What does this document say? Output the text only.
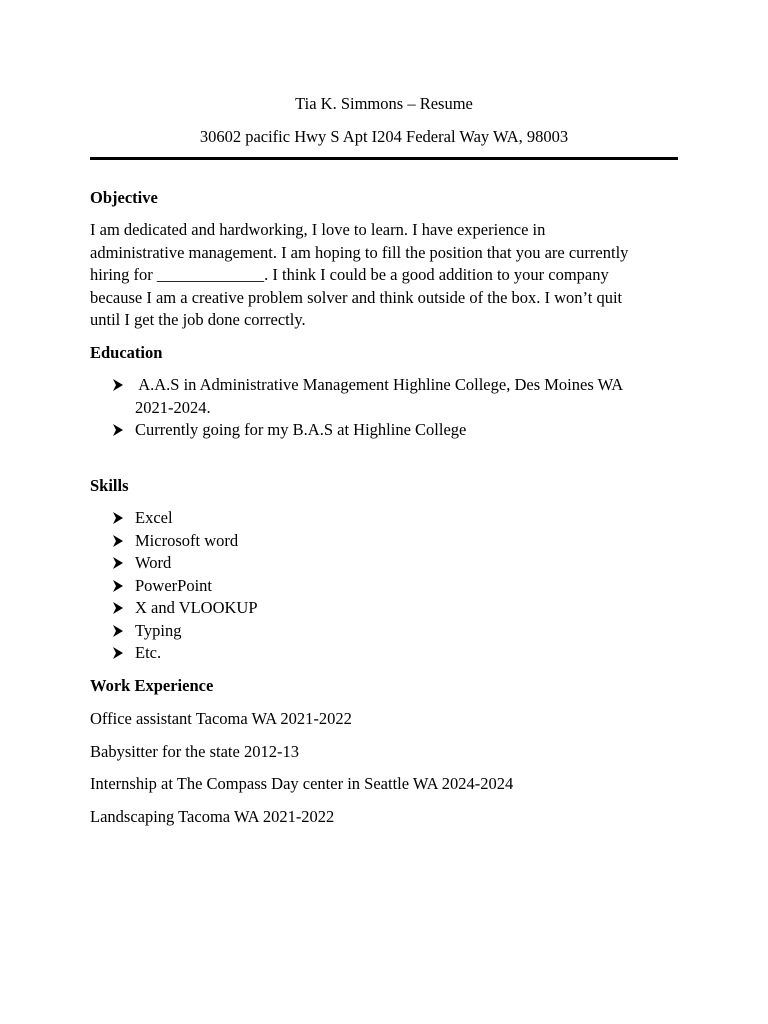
Tia K. Simmons – Resume
30602 pacific Hwy S Apt I204 Federal Way WA, 98003
Objective
I am dedicated and hardworking, I love to learn. I have experience in
administrative management. I am hoping to fill the position that you are currently
hiring for _____________. I think I could be a good addition to your company
because I am a creative problem solver and think outside of the box. I won’t quit
until I get the job done correctly.
Education
A.A.S in Administrative Management Highline College, Des Moines WA
2021-2024.
Currently going for my B.A.S at Highline College
Skills
Excel
Microsoft word
Word
PowerPoint
X and VLOOKUP
Typing
Etc.
Work Experience
Office assistant Tacoma WA 2021-2022
Babysitter for the state 2012-13
Internship at The Compass Day center in Seattle WA 2024-2024
Landscaping Tacoma WA 2021-2022
